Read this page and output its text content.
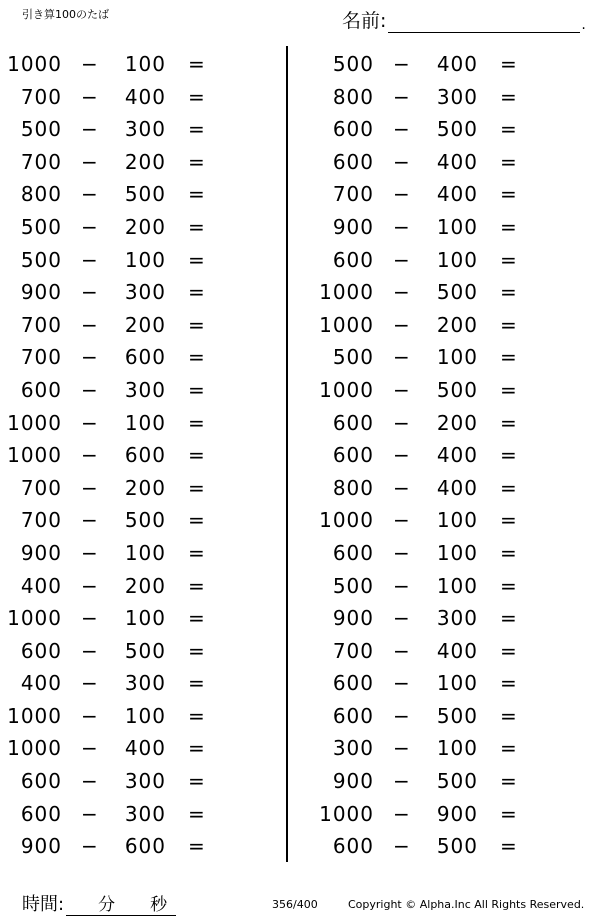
引き算100のたば	名前:	.
1000 −	100 =
700 −	400 =
500 −	300 =
700 −	200 =
800 −	500 =
500 −	200 =
500 −	100 =
900 −	300 =
700 −	200 =
700 −	600 =
600 −	300 =
1000 −	100 =
1000 −	600 =
700 −	200 =
700 −	500 =
900 −	100 =
400 −	200 =
1000 −	100 =
600 −	500 =
400 −	300 =
1000 −	100 =
1000 −	400 =
600 −	300 =
600 −	300 =
900 −	600 =
500 −	400 =
800 −	300 =
600 −	500 =
600 −	400 =
700 −	400 =
900 −	100 =
600 −	100 =
1000 −	500 =
1000 −	200 =
500 −	100 =
1000 −	500 =
600 −	200 =
600 −	400 =
800 −	400 =
1000 −	100 =
600 −	100 =
500 −	100 =
900 −	300 =
700 −	400 =
600 −	100 =
600 −	500 =
300 −	100 =
900 −	500 =
1000 −	900 =
600 −	500 =
時間: 分 秒	356/400	Copyright © Alpha.Inc All Rights Reserved.
